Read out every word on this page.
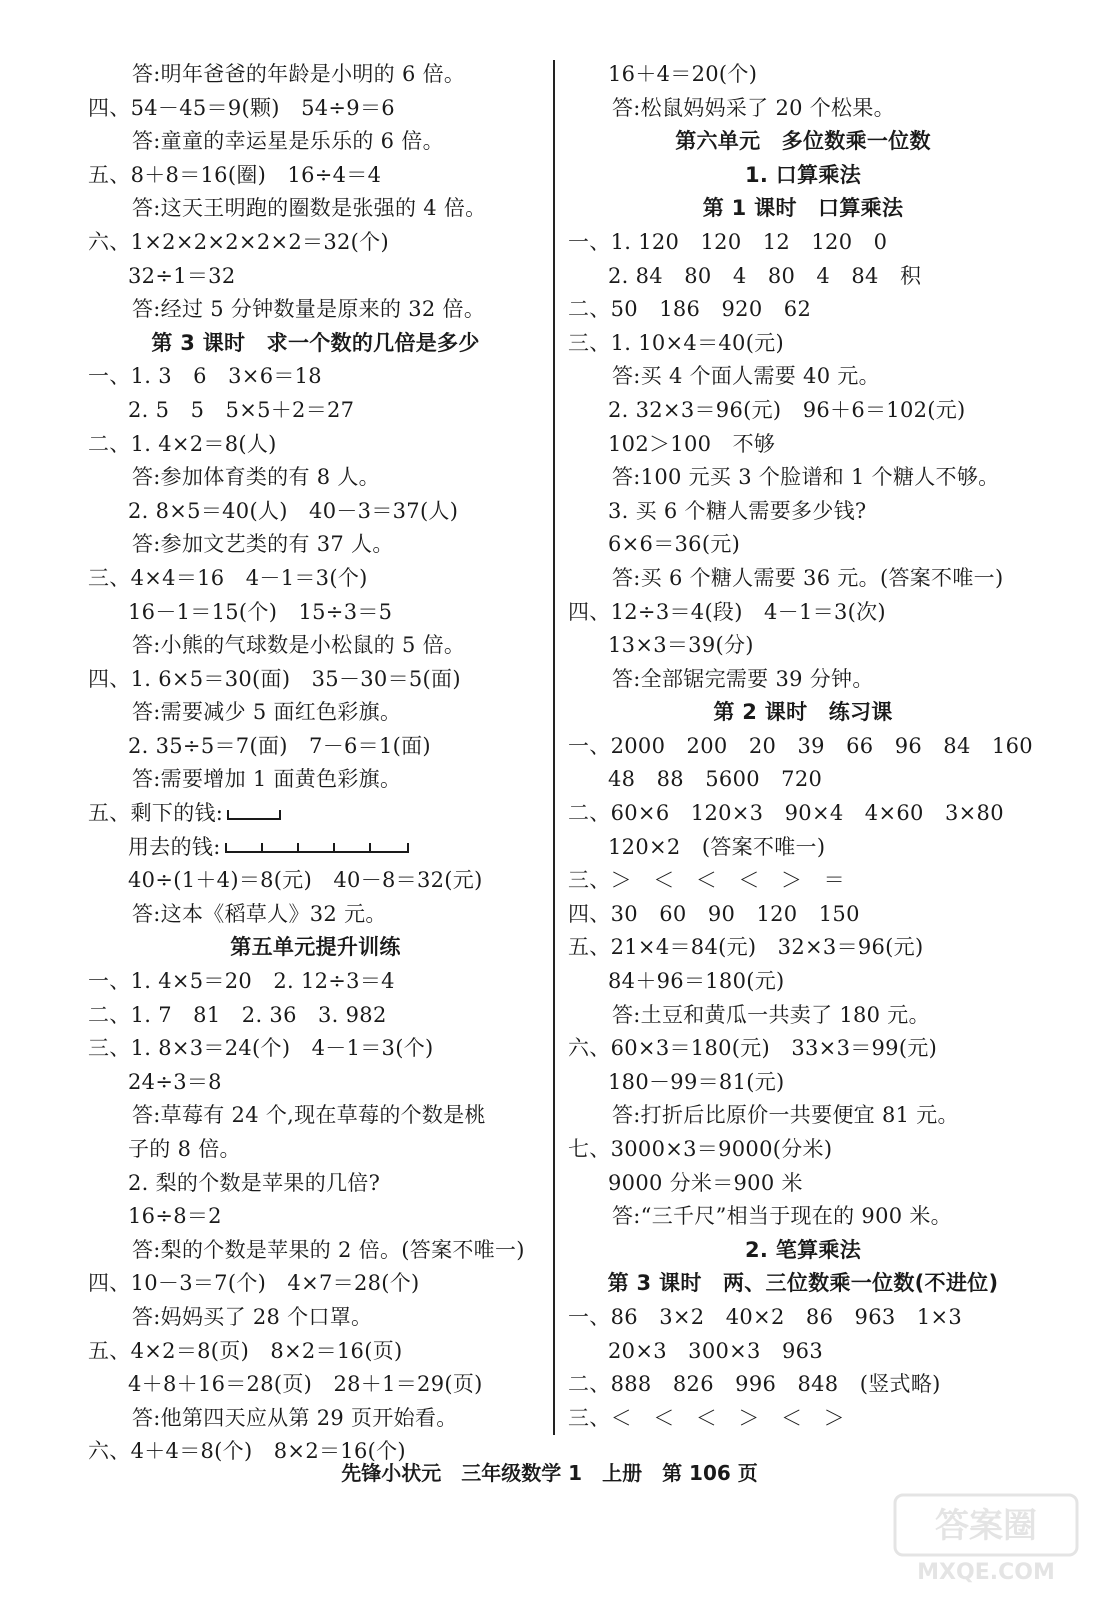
答:明年爸爸的年龄是小明的 6 倍。
四、54－45＝9(颗)　54÷9＝6
答:童童的幸运星是乐乐的 6 倍。
五、8＋8＝16(圈)　16÷4＝4
答:这天王明跑的圈数是张强的 4 倍。
六、1×2×2×2×2×2＝32(个)
32÷1＝32
答:经过 5 分钟数量是原来的 32 倍。
第 3 课时　求一个数的几倍是多少
一、1. 3　6　3×6＝18
2. 5　5　5×5＋2＝27
二、1. 4×2＝8(人)
答:参加体育类的有 8 人。
2. 8×5＝40(人)　40－3＝37(人)
答:参加文艺类的有 37 人。
三、4×4＝16　4－1＝3(个)
16－1＝15(个)　15÷3＝5
答:小熊的气球数是小松鼠的 5 倍。
四、1. 6×5＝30(面)　35－30＝5(面)
答:需要减少 5 面红色彩旗。
2. 35÷5＝7(面)　7－6＝1(面)
答:需要增加 1 面黄色彩旗。
五、剩下的钱:
用去的钱:
40÷(1＋4)＝8(元)　40－8＝32(元)
答:这本《稻草人》32 元。
第五单元提升训练
一、1. 4×5＝20　2. 12÷3＝4
二、1. 7　81　2. 36　3. 982
三、1. 8×3＝24(个)　4－1＝3(个)
24÷3＝8
答:草莓有 24 个,现在草莓的个数是桃
子的 8 倍。
2. 梨的个数是苹果的几倍?
16÷8＝2
答:梨的个数是苹果的 2 倍。(答案不唯一)
四、10－3＝7(个)　4×7＝28(个)
答:妈妈买了 28 个口罩。
五、4×2＝8(页)　8×2＝16(页)
4＋8＋16＝28(页)　28＋1＝29(页)
答:他第四天应从第 29 页开始看。
六、4＋4＝8(个)　8×2＝16(个)
16＋4＝20(个)
答:松鼠妈妈采了 20 个松果。
第六单元　多位数乘一位数
1. 口算乘法
第 1 课时　口算乘法
一、1. 120　120　12　120　0
2. 84　80　4　80　4　84　积
二、50　186　920　62
三、1. 10×4＝40(元)
答:买 4 个面人需要 40 元。
2. 32×3＝96(元)　96＋6＝102(元)
102＞100　不够
答:100 元买 3 个脸谱和 1 个糖人不够。
3. 买 6 个糖人需要多少钱?
6×6＝36(元)
答:买 6 个糖人需要 36 元。(答案不唯一)
四、12÷3＝4(段)　4－1＝3(次)
13×3＝39(分)
答:全部锯完需要 39 分钟。
第 2 课时　练习课
一、2000　200　20　39　66　96　84　160
48　88　5600　720
二、60×6　120×3　90×4　4×60　3×80
120×2　(答案不唯一)
三、＞　＜　＜　＜　＞　＝
四、30　60　90　120　150
五、21×4＝84(元)　32×3＝96(元)
84＋96＝180(元)
答:土豆和黄瓜一共卖了 180 元。
六、60×3＝180(元)　33×3＝99(元)
180－99＝81(元)
答:打折后比原价一共要便宜 81 元。
七、3000×3＝9000(分米)
9000 分米＝900 米
答:“三千尺”相当于现在的 900 米。
2. 笔算乘法
第 3 课时　两、三位数乘一位数(不进位)
一、86　3×2　40×2　86　963　1×3
20×3　300×3　963
二、888　826　996　848　(竖式略)
三、＜　＜　＜　＞　＜　＞
先锋小状元　三年级数学 1　上册　第 106 页
答案圈
MXQE.COM
